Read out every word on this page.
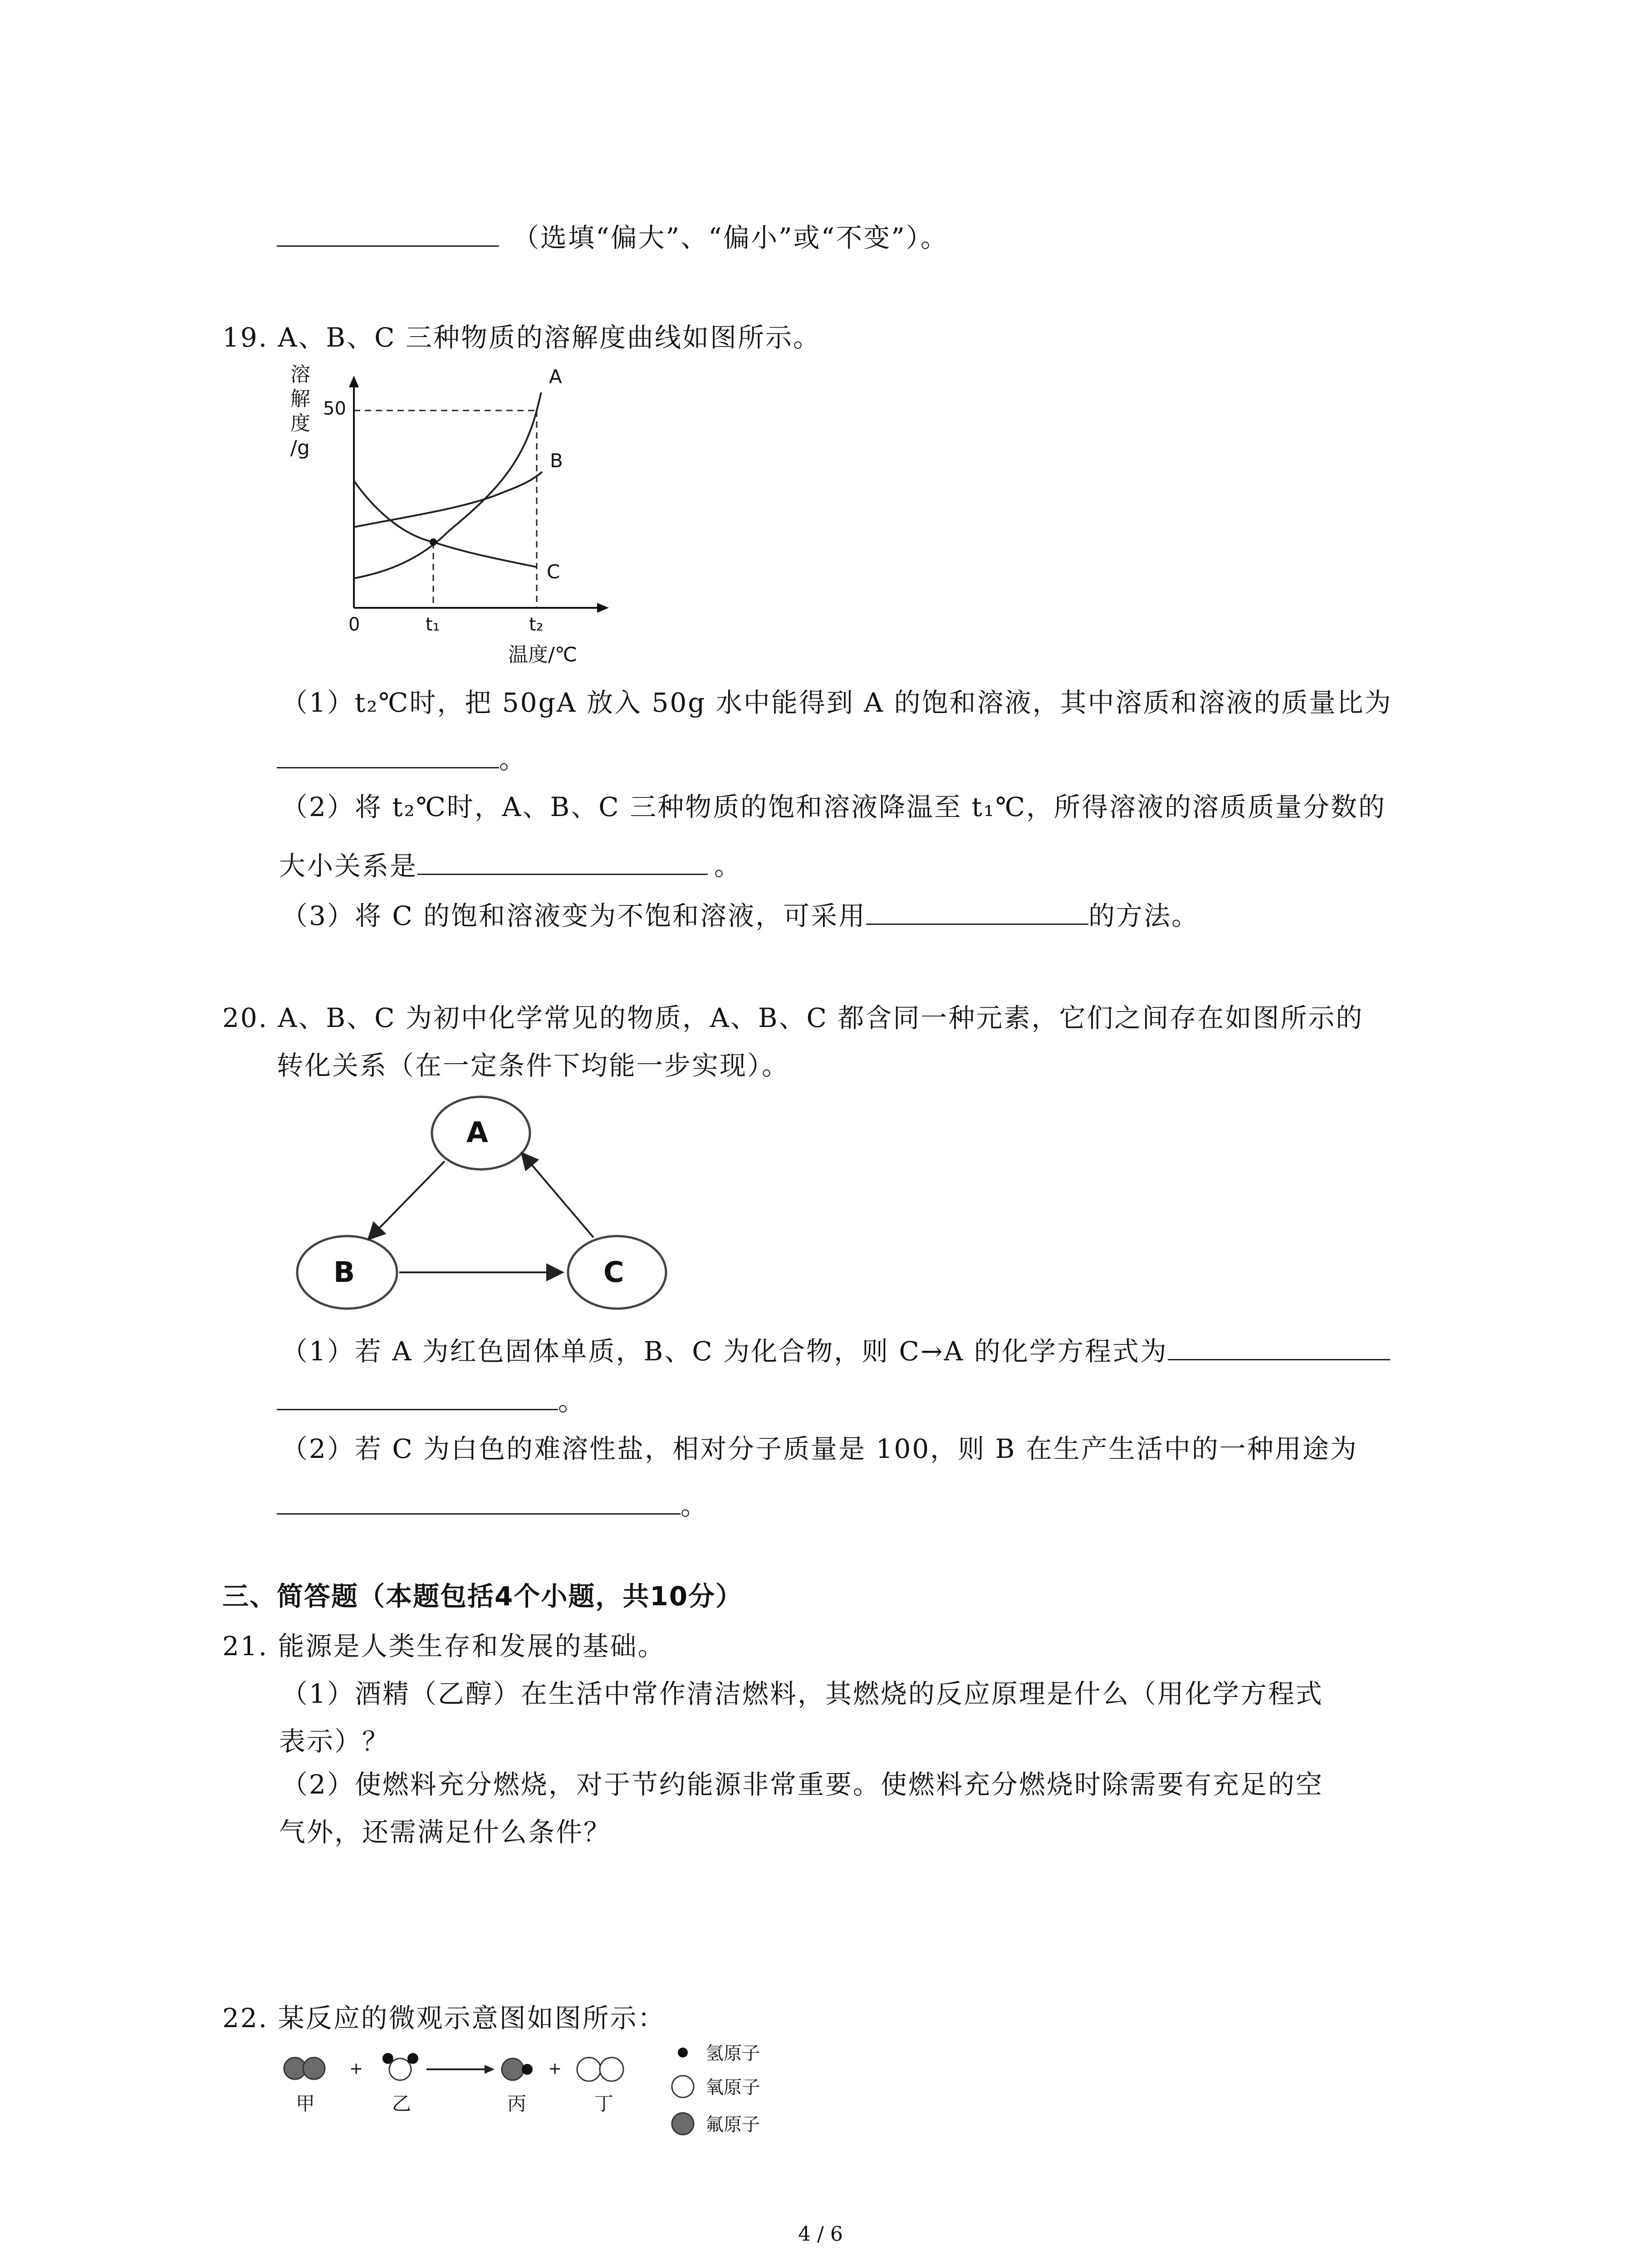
（选填“偏大”、“偏小”或“不变”）。
19. A、B、C 三种物质的溶解度曲线如图所示。
溶
解
度
/g
50
A
B
C
0	t₁	t₂
温度/℃
（1）t₂℃时，把 50gA 放入 50g 水中能得到 A 的饱和溶液，其中溶质和溶液的质量比为
。
（2）将 t₂℃时，A、B、C 三种物质的饱和溶液降温至 t₁℃，所得溶液的溶质质量分数的
大小关系是	。
（3）将 C 的饱和溶液变为不饱和溶液，可采用	的方法。
20. A、B、C 为初中化学常见的物质，A、B、C 都含同一种元素，它们之间存在如图所示的
转化关系（在一定条件下均能一步实现）。
A
B	C
（1）若 A 为红色固体单质，B、C 为化合物，则 C→A 的化学方程式为
。
（2）若 C 为白色的难溶性盐，相对分子质量是 100，则 B 在生产生活中的一种用途为
。
三、简答题（本题包括4个小题，共10分）
21. 能源是人类生存和发展的基础。
（1）酒精（乙醇）在生活中常作清洁燃料，其燃烧的反应原理是什么（用化学方程式
表示）？
（2）使燃料充分燃烧，对于节约能源非常重要。使燃料充分燃烧时除需要有充足的空
气外，还需满足什么条件？
22. 某反应的微观示意图如图所示：
+	+
甲	乙	丙	丁
氢原子
氧原子
氟原子
4 / 6
